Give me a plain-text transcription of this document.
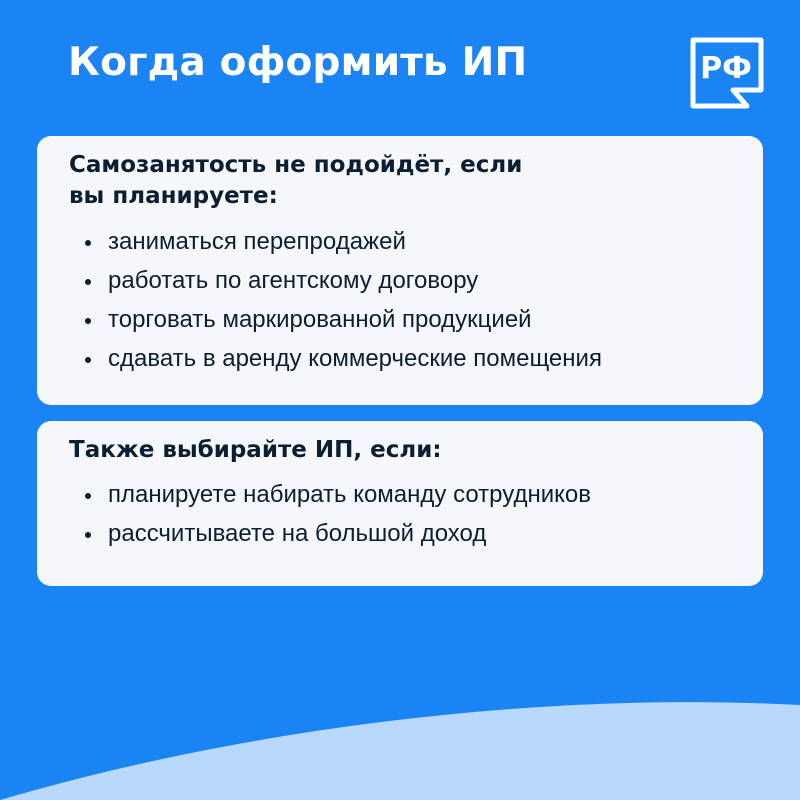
Когда оформить ИП	РФ
Самозанятость не подойдёт, если
вы планируете:
заниматься перепродажей
работать по агентскому договору
торговать маркированной продукцией
сдавать в аренду коммерческие помещения
Также выбирайте ИП, если:
планируете набирать команду сотрудников
рассчитываете на большой доход
